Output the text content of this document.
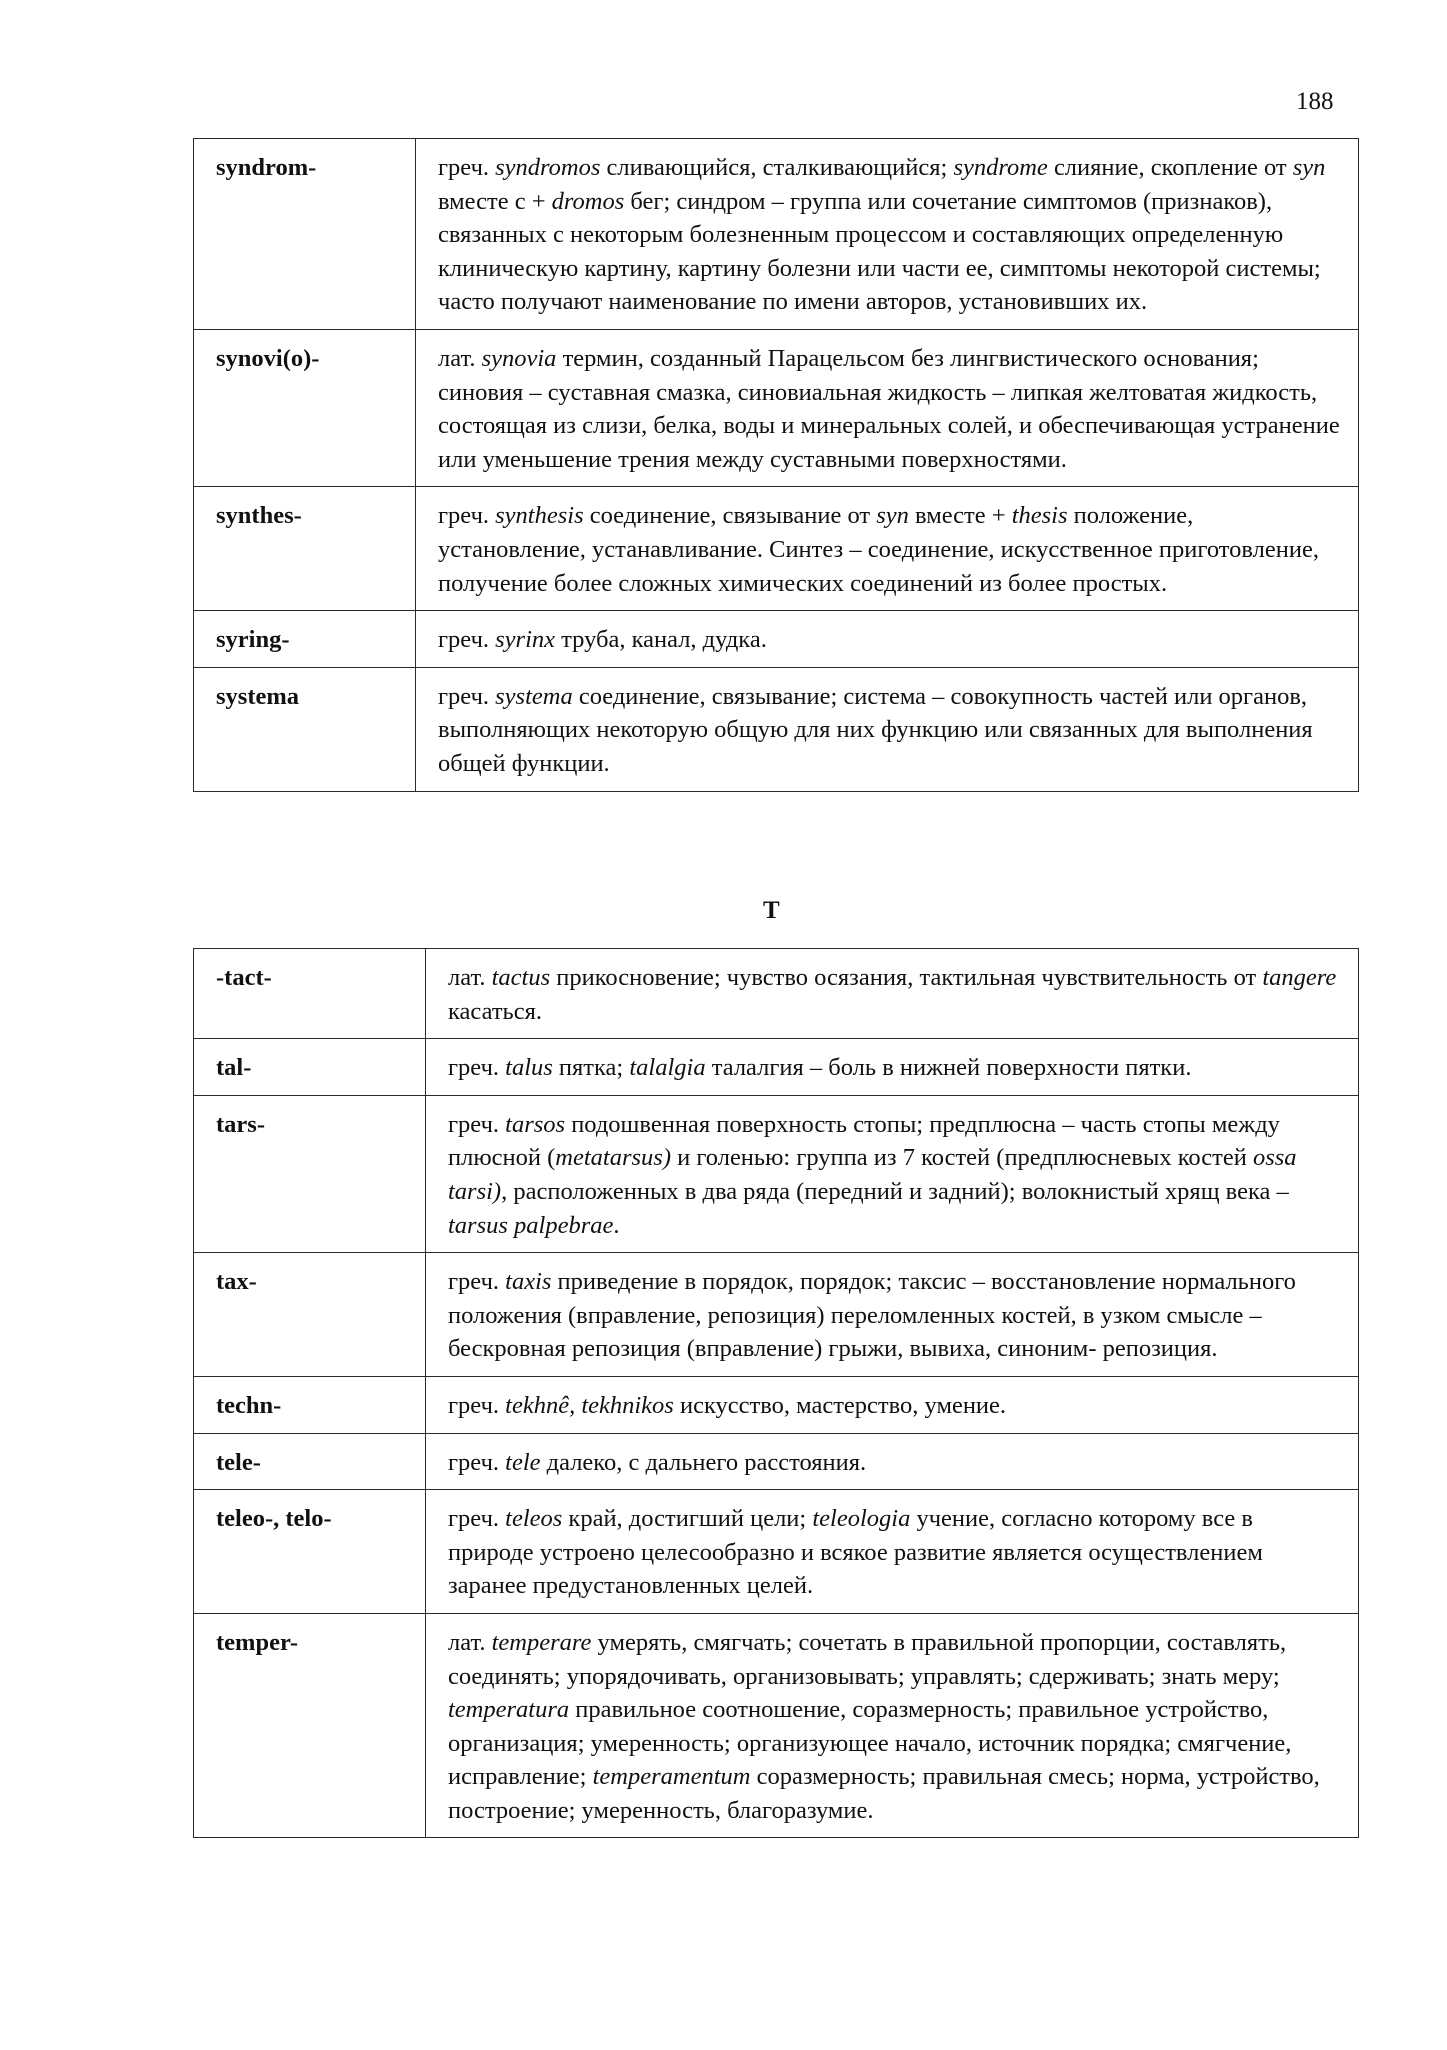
188
syndrom-	греч. syndromos сливающийся, сталкивающийся; syndrome слияние, скопление от syn вместе с + dromos бег; синдром – группа или сочетание симптомов (признаков), связанных с некоторым болезненным процессом и составляющих определенную клиническую картину, картину болезни или части ее, симптомы некоторой системы; часто получают наименование по имени авторов, установивших их.
synovi(o)-	лат. synovia термин, созданный Парацельсом без лингвистического основания; синовия – суставная смазка, синовиальная жидкость – липкая желтоватая жидкость, состоящая из слизи, белка, воды и минеральных солей, и обеспечивающая устранение или уменьшение трения между суставными поверхностями.
synthes-	греч. synthesis соединение, связывание от syn вместе + thesis положение, установление, устанавливание. Синтез – соединение, искусственное приготовление, получение более сложных химических соединений из более простых.
syring-	греч. syrinx труба, канал, дудка.
systema	греч. systema соединение, связывание; система – совокупность частей или органов, выполняющих некоторую общую для них функцию или связанных для выполнения общей функции.
T
-tact-	лат. tactus прикосновение; чувство осязания, тактильная чувствительность от tangere касаться.
tal-	греч. talus пятка; talalgia талалгия – боль в нижней поверхности пятки.
tars-	греч. tarsos подошвенная поверхность стопы; предплюсна – часть стопы между плюсной (metatarsus) и голенью: группа из 7 костей (предплюсневых костей ossa tarsi), расположенных в два ряда (передний и задний); волокнистый хрящ века – tarsus palpebrae.
tax-	греч. taxis приведение в порядок, порядок; таксис – восстановление нормального положения (вправление, репозиция) переломленных костей, в узком смысле – бескровная репозиция (вправление) грыжи, вывиха, синоним- репозиция.
techn-	греч. tekhnê, tekhnikos искусство, мастерство, умение.
tele-	греч. tele далеко, с дальнего расстояния.
teleo-, telo-	греч. teleos край, достигший цели; teleologia учение, согласно которому все в природе устроено целесообразно и всякое развитие является осуществлением заранее предустановленных целей.
temper-	лат. temperare умерять, смягчать; сочетать в правильной пропорции, составлять, соединять; упорядочивать, организовывать; управлять; сдерживать; знать меру; temperatura правильное соотношение, соразмерность; правильное устройство, организация; умеренность; организующее начало, источник порядка; смягчение, исправление; temperamentum соразмерность; правильная смесь; норма, устройство, построение; умеренность, благоразумие.
